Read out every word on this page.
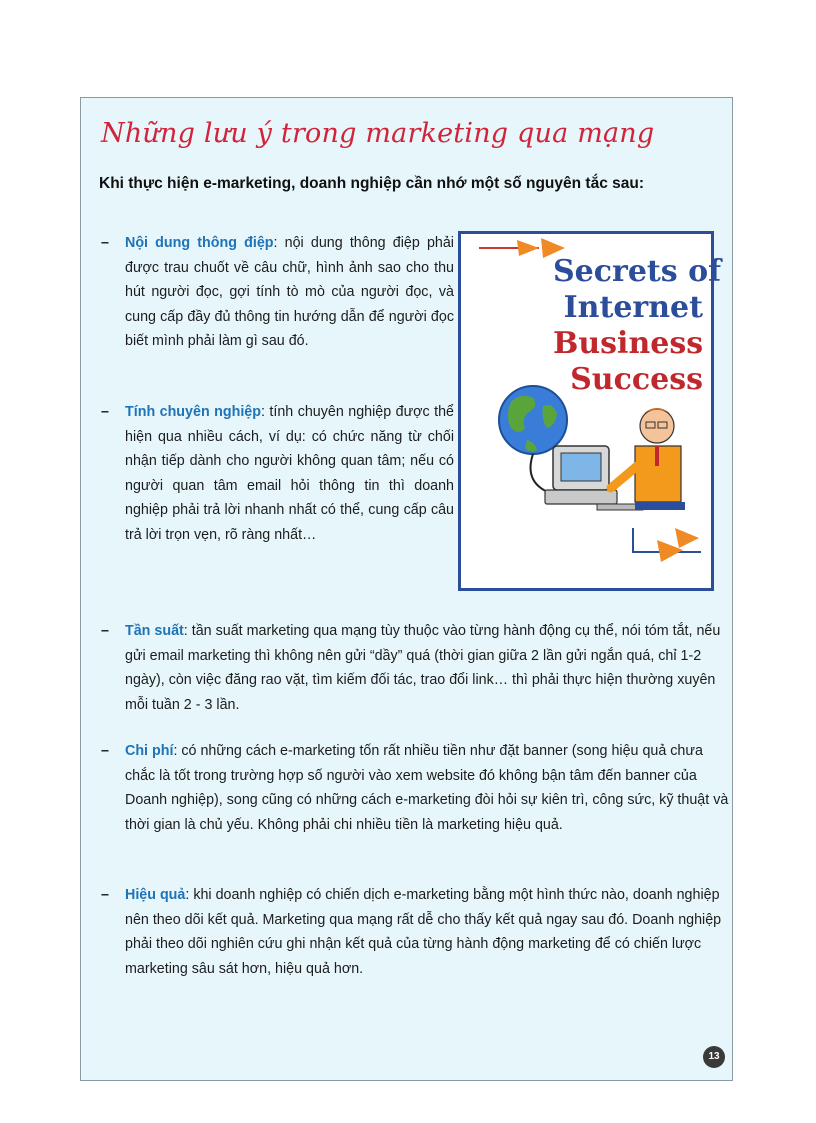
Những lưu ý trong marketing qua mạng

Khi thực hiện e-marketing, doanh nghiệp cần nhớ một số nguyên tắc sau:

– Nội dung thông điệp: nội dung thông điệp phải được trau chuốt về câu chữ, hình ảnh sao cho thu hút người đọc, gợi tính tò mò của người đọc, và cung cấp đầy đủ thông tin hướng dẫn để người đọc biết mình phải làm gì sau đó.

– Tính chuyên nghiệp: tính chuyên nghiệp được thể hiện qua nhiều cách, ví dụ: có chức năng từ chối nhận tiếp dành cho người không quan tâm; nếu có người quan tâm email hỏi thông tin thì doanh nghiệp phải trả lời nhanh nhất có thể, cung cấp câu trả lời trọn vẹn, rõ ràng nhất…

Secrets of
Internet
Business
Success

– Tần suất: tần suất marketing qua mạng tùy thuộc vào từng hành động cụ thể, nói tóm tắt, nếu gửi email marketing thì không nên gửi “dầy” quá (thời gian giữa 2 lần gửi ngắn quá, chỉ 1-2 ngày), còn việc đăng rao vặt, tìm kiếm đối tác, trao đổi link… thì phải thực hiện thường xuyên mỗi tuần 2 - 3 lần.

– Chi phí: có những cách e-marketing tốn rất nhiều tiền như đặt banner (song hiệu quả chưa chắc là tốt trong trường hợp số người vào xem website đó không bận tâm đến banner của Doanh nghiệp), song cũng có những cách e-marketing đòi hỏi sự kiên trì, công sức, kỹ thuật và thời gian là chủ yếu. Không phải chi nhiều tiền là marketing hiệu quả.

– Hiệu quả: khi doanh nghiệp có chiến dịch e-marketing bằng một hình thức nào, doanh nghiệp nên theo dõi kết quả. Marketing qua mạng rất dễ cho thấy kết quả ngay sau đó. Doanh nghiệp phải theo dõi nghiên cứu ghi nhận kết quả của từng hành động marketing để có chiến lược marketing sâu sát hơn, hiệu quả hơn.

13
